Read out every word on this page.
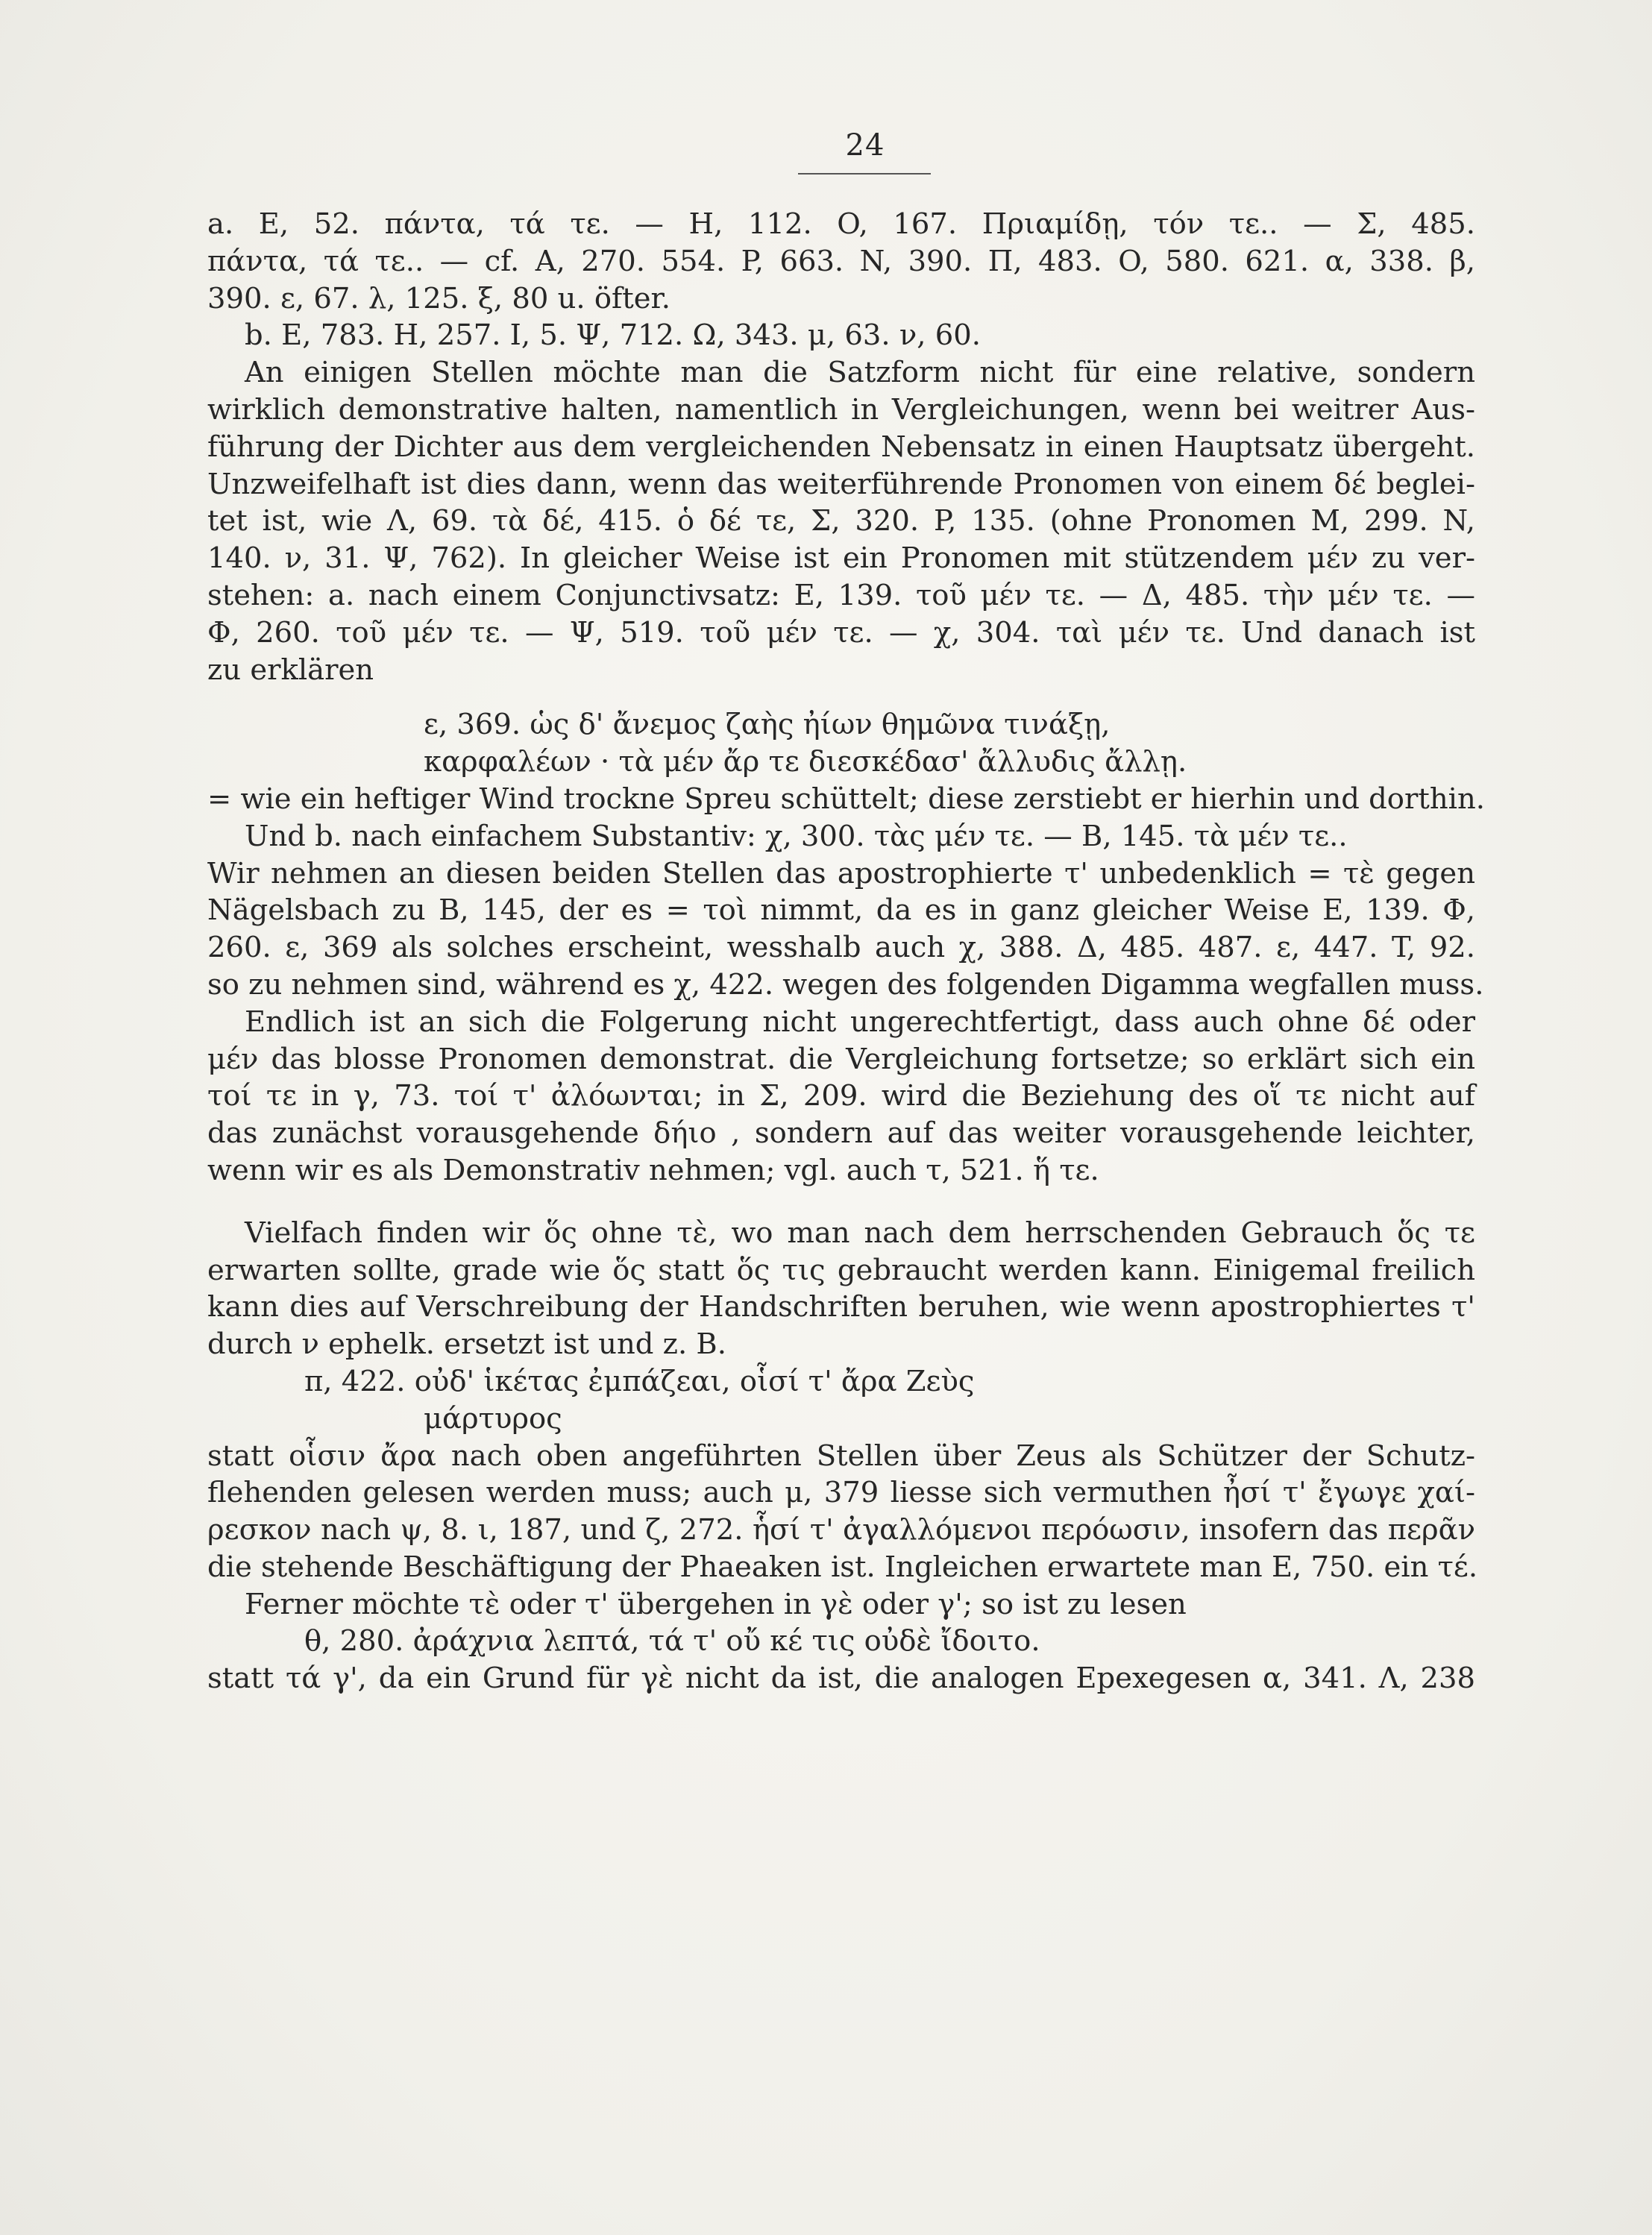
24
a. E, 52. πάντα, τά τε. — H, 112. O, 167. Πριαμίδῃ, τόν τε.. — Σ, 485.
πάντα, τά τε.. — cf. Α, 270. 554. P, 663. N, 390. Π, 483. O, 580. 621. α, 338. β,
390. ε, 67. λ, 125. ξ, 80 u. öfter.
b. E, 783. H, 257. I, 5. Ψ, 712. Ω, 343. μ, 63. ν, 60.
An einigen Stellen möchte man die Satzform nicht für eine relative, sondern
wirklich demonstrative halten, namentlich in Vergleichungen, wenn bei weitrer Aus-
führung der Dichter aus dem vergleichenden Nebensatz in einen Hauptsatz übergeht.
Unzweifelhaft ist dies dann, wenn das weiterführende Pronomen von einem δέ beglei-
tet ist, wie Λ, 69. τὰ δέ, 415. ὁ δέ τε, Σ, 320. P, 135. (ohne Pronomen M, 299. N,
140. ν, 31. Ψ, 762). In gleicher Weise ist ein Pronomen mit stützendem μέν zu ver-
stehen: a. nach einem Conjunctivsatz: E, 139. τοῦ μέν τε. — Δ, 485. τὴν μέν τε. —
Φ, 260. τοῦ μέν τε. — Ψ, 519. τοῦ μέν τε. — χ, 304. ταὶ μέν τε. Und danach ist
zu erklären
ε, 369. ὡς δ' ἄνεμος ζαὴς ἠίων θημῶνα τινάξῃ,
καρφαλέων · τὰ μέν ἄρ τε διεσκέδασ' ἄλλυδις ἄλλῃ.
= wie ein heftiger Wind trockne Spreu schüttelt; diese zerstiebt er hierhin und dorthin.
Und b. nach einfachem Substantiv: χ, 300. τὰς μέν τε. — B, 145. τὰ μέν τε..
Wir nehmen an diesen beiden Stellen das apostrophierte τ' unbedenklich = τὲ gegen
Nägelsbach zu B, 145, der es = τοὶ nimmt, da es in ganz gleicher Weise E, 139. Φ,
260. ε, 369 als solches erscheint, wesshalb auch χ, 388. Δ, 485. 487. ε, 447. T, 92.
so zu nehmen sind, während es χ, 422. wegen des folgenden Digamma wegfallen muss.
Endlich ist an sich die Folgerung nicht ungerechtfertigt, dass auch ohne δέ oder
μέν das blosse Pronomen demonstrat. die Vergleichung fortsetze; so erklärt sich ein
τοί τε in γ, 73. τοί τ' ἀλόωνται; in Σ, 209. wird die Beziehung des οἵ τε nicht auf
das zunächst vorausgehende δήιο , sondern auf das weiter vorausgehende leichter,
wenn wir es als Demonstrativ nehmen; vgl. auch τ, 521. ἥ τε.
Vielfach finden wir ὅς ohne τὲ, wo man nach dem herrschenden Gebrauch ὅς τε
erwarten sollte, grade wie ὅς statt ὅς τις gebraucht werden kann. Einigemal freilich
kann dies auf Verschreibung der Handschriften beruhen, wie wenn apostrophiertes τ'
durch ν ephelk. ersetzt ist und z. B.
π, 422. οὐδ' ἱκέτας ἐμπάζεαι, οἷσί τ' ἄρα Ζεὺς
μάρτυρος
statt οἷσιν ἄρα nach oben angeführten Stellen über Zeus als Schützer der Schutz-
flehenden gelesen werden muss; auch μ, 379 liesse sich vermuthen ἦσί τ' ἔγωγε χαί-
ρεσκον nach ψ, 8. ι, 187, und ζ, 272. ἧσί τ' ἀγαλλόμενοι περόωσιν, insofern das περᾶν
die stehende Beschäftigung der Phaeaken ist. Ingleichen erwartete man E, 750. ein τέ.
Ferner möchte τὲ oder τ' übergehen in γὲ oder γ'; so ist zu lesen
θ, 280. ἀράχνια λεπτά, τά τ' οὔ κέ τις οὐδὲ ἴδοιτο.
statt τά γ', da ein Grund für γὲ nicht da ist, die analogen Epexegesen α, 341. Λ, 238
